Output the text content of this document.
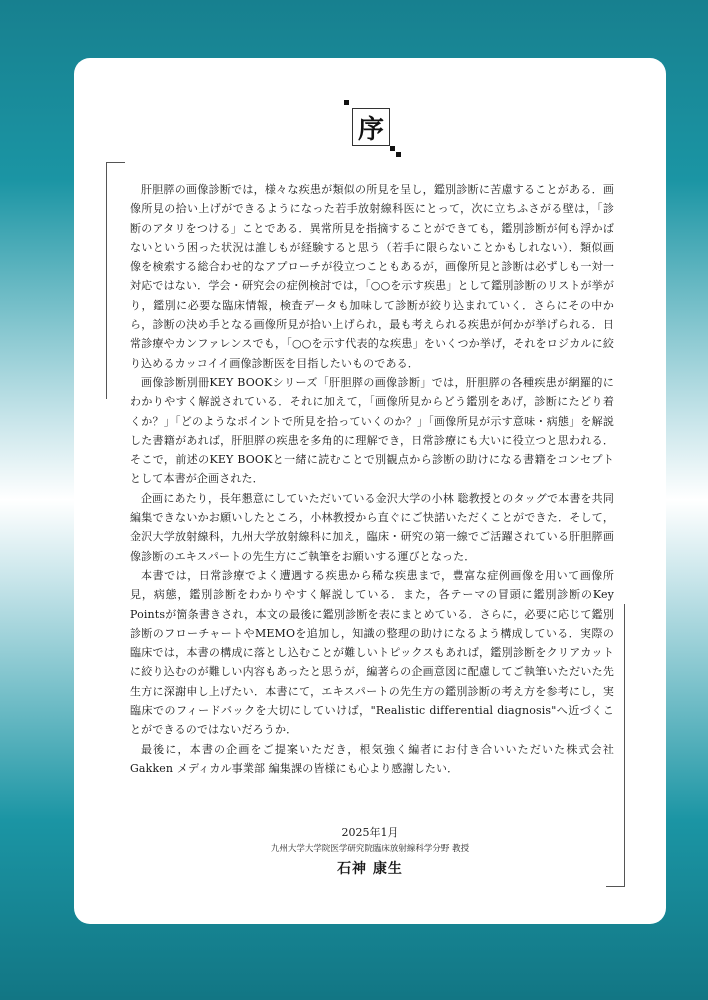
序

肝胆膵の画像診断では，様々な疾患が類似の所見を呈し，鑑別診断に苦慮することがある．画像所見の拾い上げができるようになった若手放射線科医にとって，次に立ちふさがる壁は，「診断のアタリをつける」ことである．異常所見を指摘することができても，鑑別診断が何も浮かばないという困った状況は誰しもが経験すると思う（若手に限らないことかもしれない）．類似画像を検索する総合わせ的なアプローチが役立つこともあるが，画像所見と診断は必ずしも一対一対応ではない．学会・研究会の症例検討では，「○○を示す疾患」として鑑別診断のリストが挙がり，鑑別に必要な臨床情報，検査データも加味して診断が絞り込まれていく．さらにその中から，診断の決め手となる画像所見が拾い上げられ，最も考えられる疾患が何かが挙げられる．日常診療やカンファレンスでも，「○○を示す代表的な疾患」をいくつか挙げ，それをロジカルに絞り込めるカッコイイ画像診断医を目指したいものである．

画像診断別冊KEY BOOKシリーズ「肝胆膵の画像診断」では，肝胆膵の各種疾患が網羅的にわかりやすく解説されている．それに加えて，「画像所見からどう鑑別をあげ，診断にたどり着くか？」「どのようなポイントで所見を拾っていくのか？」「画像所見が示す意味・病態」を解説した書籍があれば，肝胆膵の疾患を多角的に理解でき，日常診療にも大いに役立つと思われる．そこで，前述のKEY BOOKと一緒に読むことで別観点から診断の助けになる書籍をコンセプトとして本書が企画された．

企画にあたり，長年懇意にしていただいている金沢大学の小林 聡教授とのタッグで本書を共同編集できないかお願いしたところ，小林教授から直ぐにご快諾いただくことができた．そして，金沢大学放射線科，九州大学放射線科に加え，臨床・研究の第一線でご活躍されている肝胆膵画像診断のエキスパートの先生方にご執筆をお願いする運びとなった．

本書では，日常診療でよく遭遇する疾患から稀な疾患まで，豊富な症例画像を用いて画像所見，病態，鑑別診断をわかりやすく解説している．また，各テーマの冒頭に鑑別診断のKey Pointsが箇条書きされ，本文の最後に鑑別診断を表にまとめている．さらに，必要に応じて鑑別診断のフローチャートやMEMOを追加し，知識の整理の助けになるよう構成している．実際の臨床では，本書の構成に落とし込むことが難しいトピックスもあれば，鑑別診断をクリアカットに絞り込むのが難しい内容もあったと思うが，編著らの企画意図に配慮してご執筆いただいた先生方に深謝申し上げたい．本書にて，エキスパートの先生方の鑑別診断の考え方を参考にし，実臨床でのフィードバックを大切にしていけば，"Realistic differential diagnosis"へ近づくことができるのではないだろうか．

最後に，本書の企画をご提案いただき，根気強く編者にお付き合いいただいた株式会社Gakken メディカル事業部 編集課の皆様にも心より感謝したい．

2025年1月
九州大学大学院医学研究院臨床放射線科学分野 教授
石神 康生
